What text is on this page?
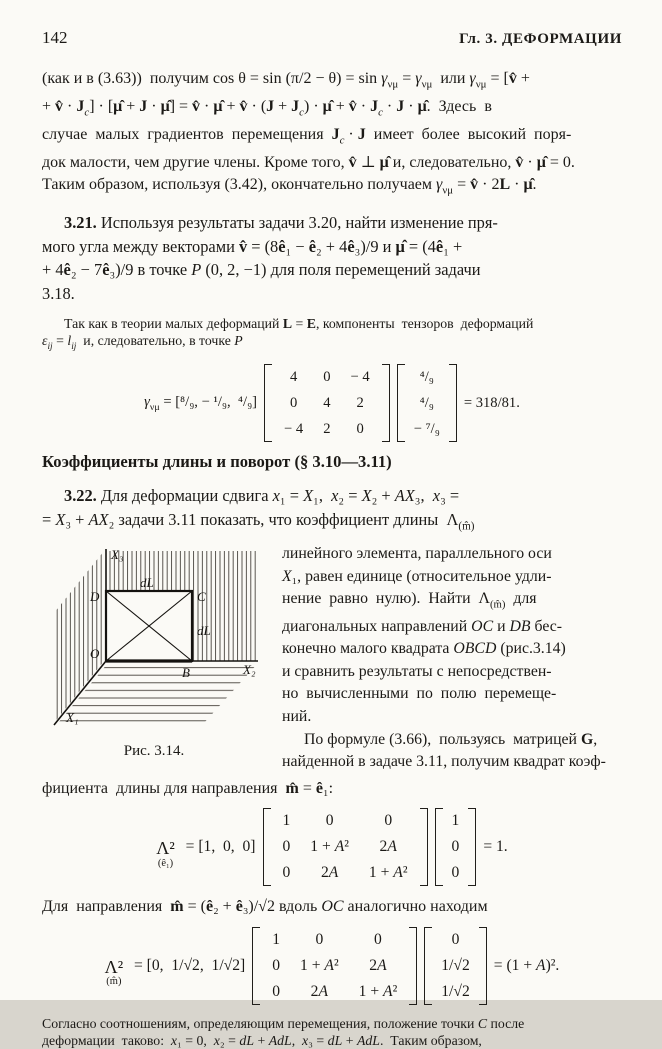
142	Гл. 3. ДЕФОРМАЦИИ
(как и в (3.63))  получим $\cos \theta = \sin (\pi/2 - \theta) = \sin \gamma_{\nu\mu} = \gamma_{\nu\mu}$  или $\gamma_{\nu\mu}$ = [v̂ +
+ v̂ · $J_c$] · [μ̂ + J · μ̂] = v̂ · μ̂ + v̂ · $(J + J_c)$ · μ̂ + v̂ · $J_c \cdot J$ · μ̂.  Здесь  в
случае  малых  градиентов  перемещения  $J_c \cdot J$  имеет  более  высокий  поря-
док малости, чем другие члены. Кроме того, v̂ ⊥ μ̂ и, следовательно, v̂ · μ̂ = 0.
Таким образом, используя (3.42), окончательно получаем $\gamma_{\nu\mu}$ = v̂ · 2L · μ̂.
3.21. Используя результаты задачи 3.20, найти изменение пря-
мого угла между векторами v̂ = (8ê₁ − ê₂ + 4ê₃)/9 и μ̂ = (4ê₁ +
+ 4ê₂ − 7ê₃)/9 в точке P (0, 2, −1) для поля перемещений задачи
3.18.
Так как в теории малых деформаций L = E, компоненты  тензоров  деформаций
$\varepsilon_{ij} = l_{ij}$  и, следовательно, в точке P
$\gamma_{\nu\mu} = [^8/_9$, − ¹/₉,  ⁴/₉]
4	0	− 4
0	4	2
− 4	2	0
⁴/₉
⁴/₉
− ⁷/₉
= 318/81.
Коэффициенты длины и поворот (§ 3.10—3.11)
3.22. Для деформации сдвига x₁ = X₁,  x₂ = X₂ + AX₃,  x₃ =
= X₃ + AX₂ задачи 3.11 показать, что коэффициент длины  $\Lambda_{(m̂)}$
X₃
dL
D	C
dL
O
B	X₂
X₁
Рис. 3.14.
линейного элемента, параллельного оси
X₁, равен единице (относительное удли-
нение  равно  нулю).  Найти  $\Lambda_{(m̂)}$  для
диагональных направлений OC и DB бес-
конечно малого квадрата OBCD (рис.3.14)
и сравнить результаты с непосредствен-
но  вычисленными  по  полю  перемеще-
ний.
По формуле (3.66),  пользуясь  матрицей G,
найденной в задаче 3.11, получим квадрат коэф-
фициента  длины для направления  m̂ = ê₁:
Λ²
(ê₁)
= [1,  0,  0]
1	0	0
0	1 + A²	2A
0	2A	1 + A²
1
0
0
= 1.
Для  направления  m̂ = (ê₂ + ê₃)/√2 вдоль OC аналогично находим
Λ²
(m̂)
= [0,  1/√2,  1/√2]
1	0	0
0	1 + A²	2A
0	2A	1 + A²
0
1/√2
1/√2
= (1 + A)².
Согласно соотношениям, определяющим перемещения, положение точки C после
деформации  таково:  x₁ = 0,  x₂ = dL + AdL,  x₃ = dL + AdL.  Таким образом,
